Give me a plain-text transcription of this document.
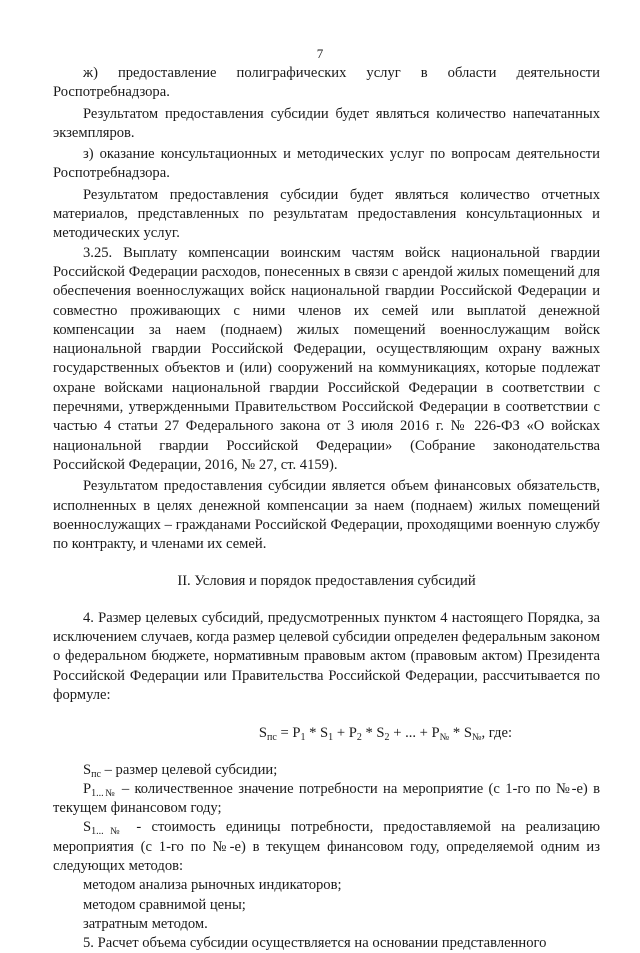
7

ж) предоставление полиграфических услуг в области деятельности Роспотребнадзора.

Результатом предоставления субсидии будет являться количество напечатанных экземпляров.

з) оказание консультационных и методических услуг по вопросам деятельности Роспотребнадзора.

Результатом предоставления субсидии будет являться количество отчетных материалов, представленных по результатам предоставления консультационных и методических услуг.

3.25. Выплату компенсации воинским частям войск национальной гвардии Российской Федерации расходов, понесенных в связи с арендой жилых помещений для обеспечения военнослужащих войск национальной гвардии Российской Федерации и совместно проживающих с ними членов их семей или выплатой денежной компенсации за наем (поднаем) жилых помещений военнослужащим войск национальной гвардии Российской Федерации, осуществляющим охрану важных государственных объектов и (или) сооружений на коммуникациях, которые подлежат охране войсками национальной гвардии Российской Федерации в соответствии с перечнями, утвержденными Правительством Российской Федерации в соответствии с частью 4 статьи 27 Федерального закона от 3 июля 2016 г. № 226-ФЗ «О войсках национальной гвардии Российской Федерации» (Собрание законодательства Российской Федерации, 2016, № 27, ст. 4159).

Результатом предоставления субсидии является объем финансовых обязательств, исполненных в целях денежной компенсации за наем (поднаем) жилых помещений военнослужащих – гражданами Российской Федерации, проходящими военную службу по контракту, и членами их семей.

II. Условия и порядок предоставления субсидий

4. Размер целевых субсидий, предусмотренных пунктом 4 настоящего Порядка, за исключением случаев, когда размер целевой субсидии определен федеральным законом о федеральном бюджете, нормативным правовым актом (правовым актом) Президента Российской Федерации или Правительства Российской Федерации, рассчитывается по формуле:

$S_{пс} = P_1 * S_1 + P_2 * S_2$ + ... + $P_№ * S_№$, где:

$S_{пс}$ – размер целевой субсидии;

$P_{1...№}$ – количественное значение потребности на мероприятие (с 1-го по №-е) в текущем финансовом году;

$S_{1...№}$ - стоимость единицы потребности, предоставляемой на реализацию мероприятия (с 1-го по №-е) в текущем финансовом году, определяемой одним из следующих методов:

методом анализа рыночных индикаторов;

методом сравнимой цены;

затратным методом.

5. Расчет объема субсидии осуществляется на основании представленного
